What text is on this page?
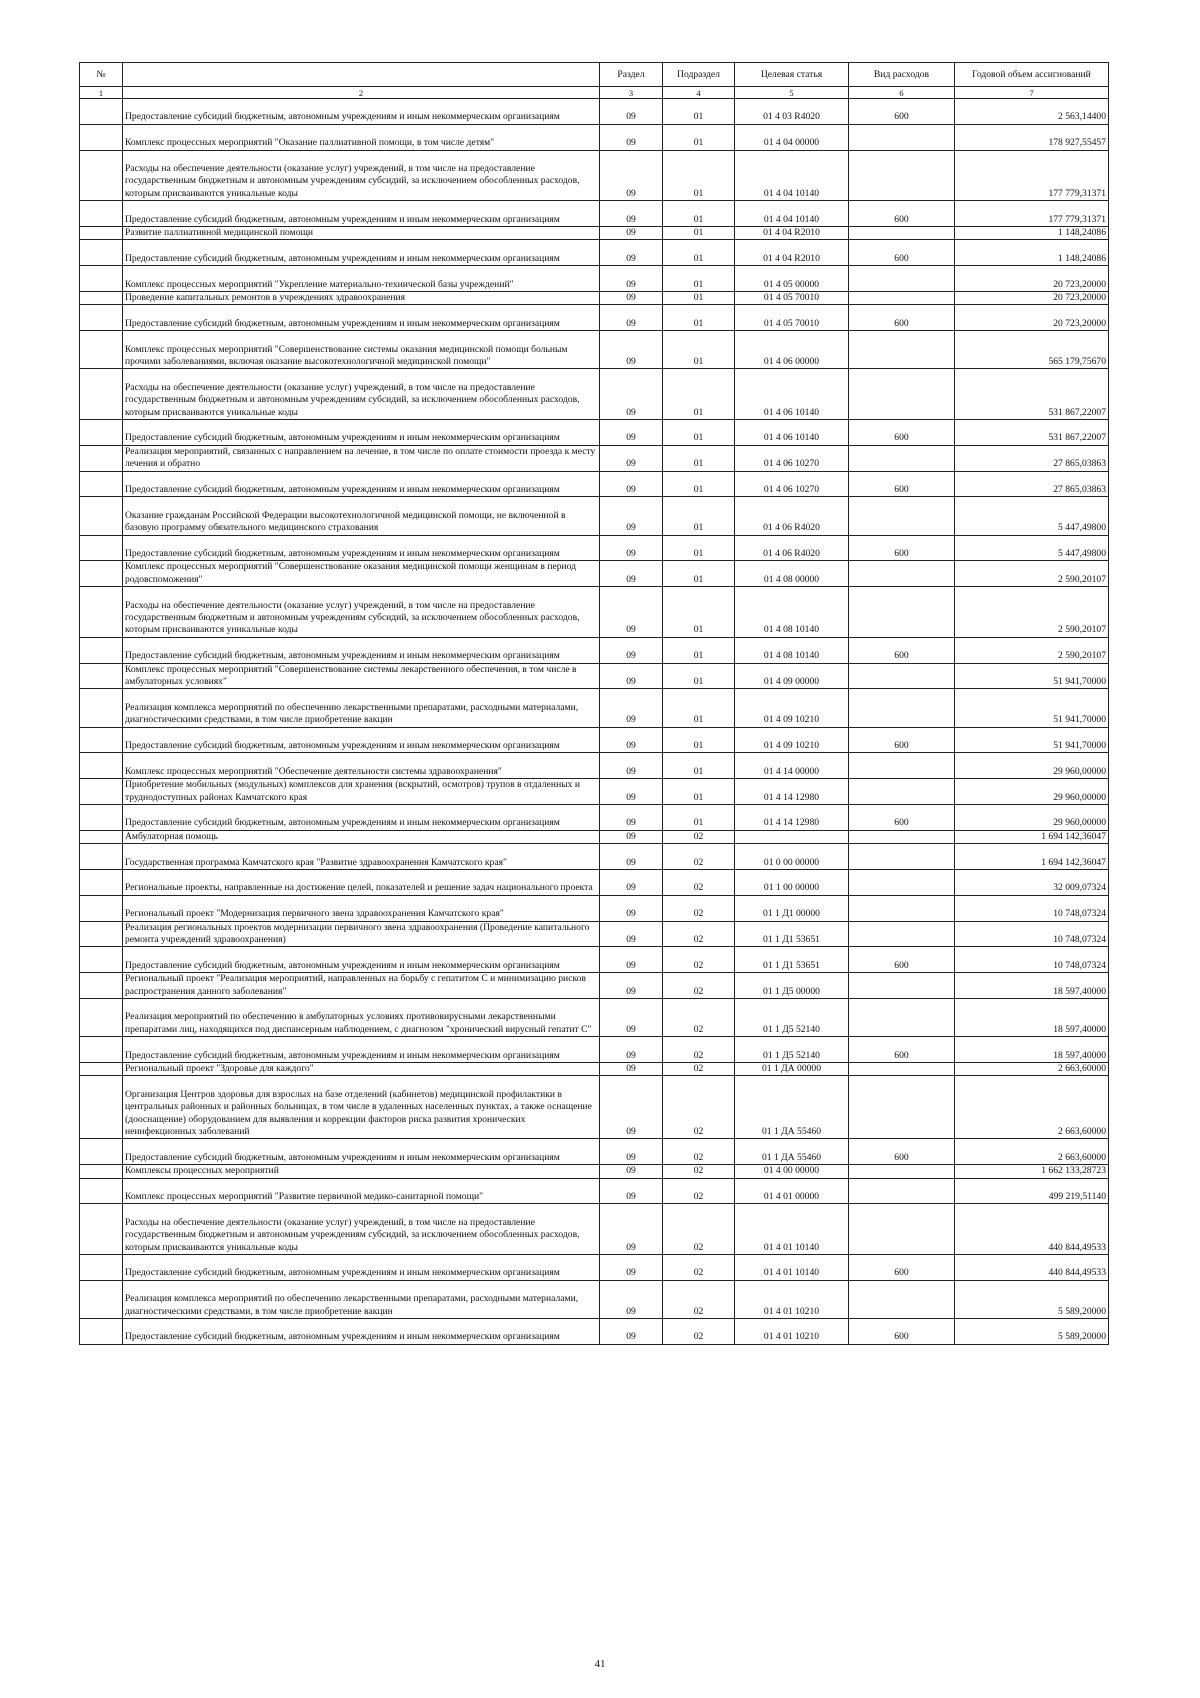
№		Раздел	Подраздел	Целевая статья	Вид расходов	Годовой объем ассигнований
1	2	3	4	5	6	7
	Предоставление субсидий бюджетным, автономным учреждениям и иным некоммерческим организациям	09	01	01 4 03 R4020	600	2 563,14400
	Комплекс процессных мероприятий "Оказание паллиативной помощи, в том числе детям"	09	01	01 4 04 00000		178 927,55457
	Расходы на обеспечение деятельности (оказание услуг) учреждений, в том числе на предоставление государственным бюджетным и автономным учреждениям субсидий, за исключением обособленных расходов, которым присваиваются уникальные коды	09	01	01 4 04 10140		177 779,31371
	Предоставление субсидий бюджетным, автономным учреждениям и иным некоммерческим организациям	09	01	01 4 04 10140	600	177 779,31371
	Развитие паллиативной медицинской помощи	09	01	01 4 04 R2010		1 148,24086
	Предоставление субсидий бюджетным, автономным учреждениям и иным некоммерческим организациям	09	01	01 4 04 R2010	600	1 148,24086
	Комплекс процессных мероприятий "Укрепление материально-технической базы учреждений"	09	01	01 4 05 00000		20 723,20000
	Проведение капитальных ремонтов в учреждениях здравоохранения	09	01	01 4 05 70010		20 723,20000
	Предоставление субсидий бюджетным, автономным учреждениям и иным некоммерческим организациям	09	01	01 4 05 70010	600	20 723,20000
	Комплекс процессных мероприятий "Совершенствование системы оказания медицинской помощи больным прочими заболеваниями, включая оказание высокотехнологичной медицинской помощи"	09	01	01 4 06 00000		565 179,75670
	Расходы на обеспечение деятельности (оказание услуг) учреждений, в том числе на предоставление государственным бюджетным и автономным учреждениям субсидий, за исключением обособленных расходов, которым присваиваются уникальные коды	09	01	01 4 06 10140		531 867,22007
	Предоставление субсидий бюджетным, автономным учреждениям и иным некоммерческим организациям	09	01	01 4 06 10140	600	531 867,22007
	Реализация мероприятий, связанных с направлением на лечение, в том числе по оплате стоимости проезда к месту лечения и обратно	09	01	01 4 06 10270		27 865,03863
	Предоставление субсидий бюджетным, автономным учреждениям и иным некоммерческим организациям	09	01	01 4 06 10270	600	27 865,03863
	Оказание гражданам Российской Федерации высокотехнологичной медицинской помощи, не включенной в базовую программу обязательного медицинского страхования	09	01	01 4 06 R4020		5 447,49800
	Предоставление субсидий бюджетным, автономным учреждениям и иным некоммерческим организациям	09	01	01 4 06 R4020	600	5 447,49800
	Комплекс процессных мероприятий "Совершенствование оказания медицинской помощи женщинам в период родовспоможения"	09	01	01 4 08 00000		2 590,20107
	Расходы на обеспечение деятельности (оказание услуг) учреждений, в том числе на предоставление государственным бюджетным и автономным учреждениям субсидий, за исключением обособленных расходов, которым присваиваются уникальные коды	09	01	01 4 08 10140		2 590,20107
	Предоставление субсидий бюджетным, автономным учреждениям и иным некоммерческим организациям	09	01	01 4 08 10140	600	2 590,20107
	Комплекс процессных мероприятий "Совершенствование системы лекарственного обеспечения, в том числе в амбулаторных условиях"	09	01	01 4 09 00000		51 941,70000
	Реализация комплекса мероприятий по обеспечению лекарственными препаратами, расходными материалами, диагностическими средствами, в том числе приобретение вакцин	09	01	01 4 09 10210		51 941,70000
	Предоставление субсидий бюджетным, автономным учреждениям и иным некоммерческим организациям	09	01	01 4 09 10210	600	51 941,70000
	Комплекс процессных мероприятий "Обеспечение деятельности системы здравоохранения"	09	01	01 4 14 00000		29 960,00000
	Приобретение мобильных (модульных) комплексов для хранения (вскрытий, осмотров) трупов в отдаленных и труднодоступных районах Камчатского края	09	01	01 4 14 12980		29 960,00000
	Предоставление субсидий бюджетным, автономным учреждениям и иным некоммерческим организациям	09	01	01 4 14 12980	600	29 960,00000
	Амбулаторная помощь	09	02			1 694 142,36047
	Государственная программа Камчатского края "Развитие здравоохранения Камчатского края"	09	02	01 0 00 00000		1 694 142,36047
	Региональные проекты, направленные на достижение целей, показателей и решение задач национального проекта	09	02	01 1 00 00000		32 009,07324
	Региональный проект "Модернизация первичного звена здравоохранения Камчатского края"	09	02	01 1 Д1 00000		10 748,07324
	Реализация региональных проектов модернизации первичного звена здравоохранения (Проведение капитального ремонта учреждений здравоохранения)	09	02	01 1 Д1 53651		10 748,07324
	Предоставление субсидий бюджетным, автономным учреждениям и иным некоммерческим организациям	09	02	01 1 Д1 53651	600	10 748,07324
	Региональный проект "Реализация мероприятий, направленных на борьбу с гепатитом С и минимизацию рисков распространения данного заболевания"	09	02	01 1 Д5 00000		18 597,40000
	Реализация мероприятий по обеспечению в амбулаторных условиях противовирусными лекарственными препаратами лиц, находящихся под диспансерным наблюдением, с диагнозом "хронический вирусный гепатит С"	09	02	01 1 Д5 52140		18 597,40000
	Предоставление субсидий бюджетным, автономным учреждениям и иным некоммерческим организациям	09	02	01 1 Д5 52140	600	18 597,40000
	Региональный проект "Здоровье для каждого"	09	02	01 1 ДА 00000		2 663,60000
	Организация Центров здоровья для взрослых на базе отделений (кабинетов) медицинской профилактики в центральных районных и районных больницах, в том числе в удаленных населенных пунктах, а также оснащение (дооснащение) оборудованием для выявления и коррекции факторов риска развития хронических неинфекционных заболеваний	09	02	01 1 ДА 55460		2 663,60000
	Предоставление субсидий бюджетным, автономным учреждениям и иным некоммерческим организациям	09	02	01 1 ДА 55460	600	2 663,60000
	Комплексы процессных мероприятий	09	02	01 4 00 00000		1 662 133,28723
	Комплекс процессных мероприятий "Развитие первичной медико-санитарной помощи"	09	02	01 4 01 00000		499 219,51140
	Расходы на обеспечение деятельности (оказание услуг) учреждений, в том числе на предоставление государственным бюджетным и автономным учреждениям субсидий, за исключением обособленных расходов, которым присваиваются уникальные коды	09	02	01 4 01 10140		440 844,49533
	Предоставление субсидий бюджетным, автономным учреждениям и иным некоммерческим организациям	09	02	01 4 01 10140	600	440 844,49533
	Реализация комплекса мероприятий по обеспечению лекарственными препаратами, расходными материалами, диагностическими средствами, в том числе приобретение вакцин	09	02	01 4 01 10210		5 589,20000
	Предоставление субсидий бюджетным, автономным учреждениям и иным некоммерческим организациям	09	02	01 4 01 10210	600	5 589,20000
41
